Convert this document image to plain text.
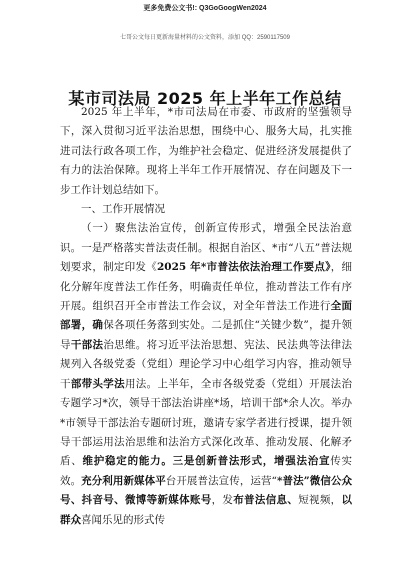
更多免费公文书!: Q3GoGoogWen2024
七哥公文每日更新海量材料的公文资料，添加 QQ：2590117509
某市司法局 2025 年上半年工作总结

2025 年上半年，*市司法局在市委、市政府的坚强领导下，深入贯彻习近平法治思想，围绕中心、服务大局，扎实推进司法行政各项工作，为维护社会稳定、促进经济发展提供了有力的法治保障。现将上半年工作开展情况、存在问题及下一步工作计划总结如下。

一、工作开展情况

（一）聚焦法治宣传，创新宣传形式，增强全民法治意识。一是严格落实普法责任制。根据自治区、*市“八五”普法规划要求，制定印发《2025 年*市普法依法治理工作要点》，细化分解年度普法工作任务，明确责任单位，推动普法工作有序开展。组织召开全市普法工作会议，对全年普法工作进行全面部署，确保各项任务落到实处。二是抓住“关键少数”，提升领导干部法治思维。将习近平法治思想、宪法、民法典等法律法规列入各级党委（党组）理论学习中心组学习内容，推动领导干部带头学法用法。上半年，全市各级党委（党组）开展法治专题学习*次，领导干部法治讲座*场，培训干部*余人次。举办*市领导干部法治专题研讨班，邀请专家学者进行授课，提升领导干部运用法治思维和法治方式深化改革、推动发展、化解矛盾、维护稳定的能力。三是创新普法形式，增强法治宣传实效。充分利用新媒体平台开展普法宣传，运营“*普法”微信公众号、抖音号、微博等新媒体账号，发布普法信息、短视频，以群众喜闻乐见的形式传
